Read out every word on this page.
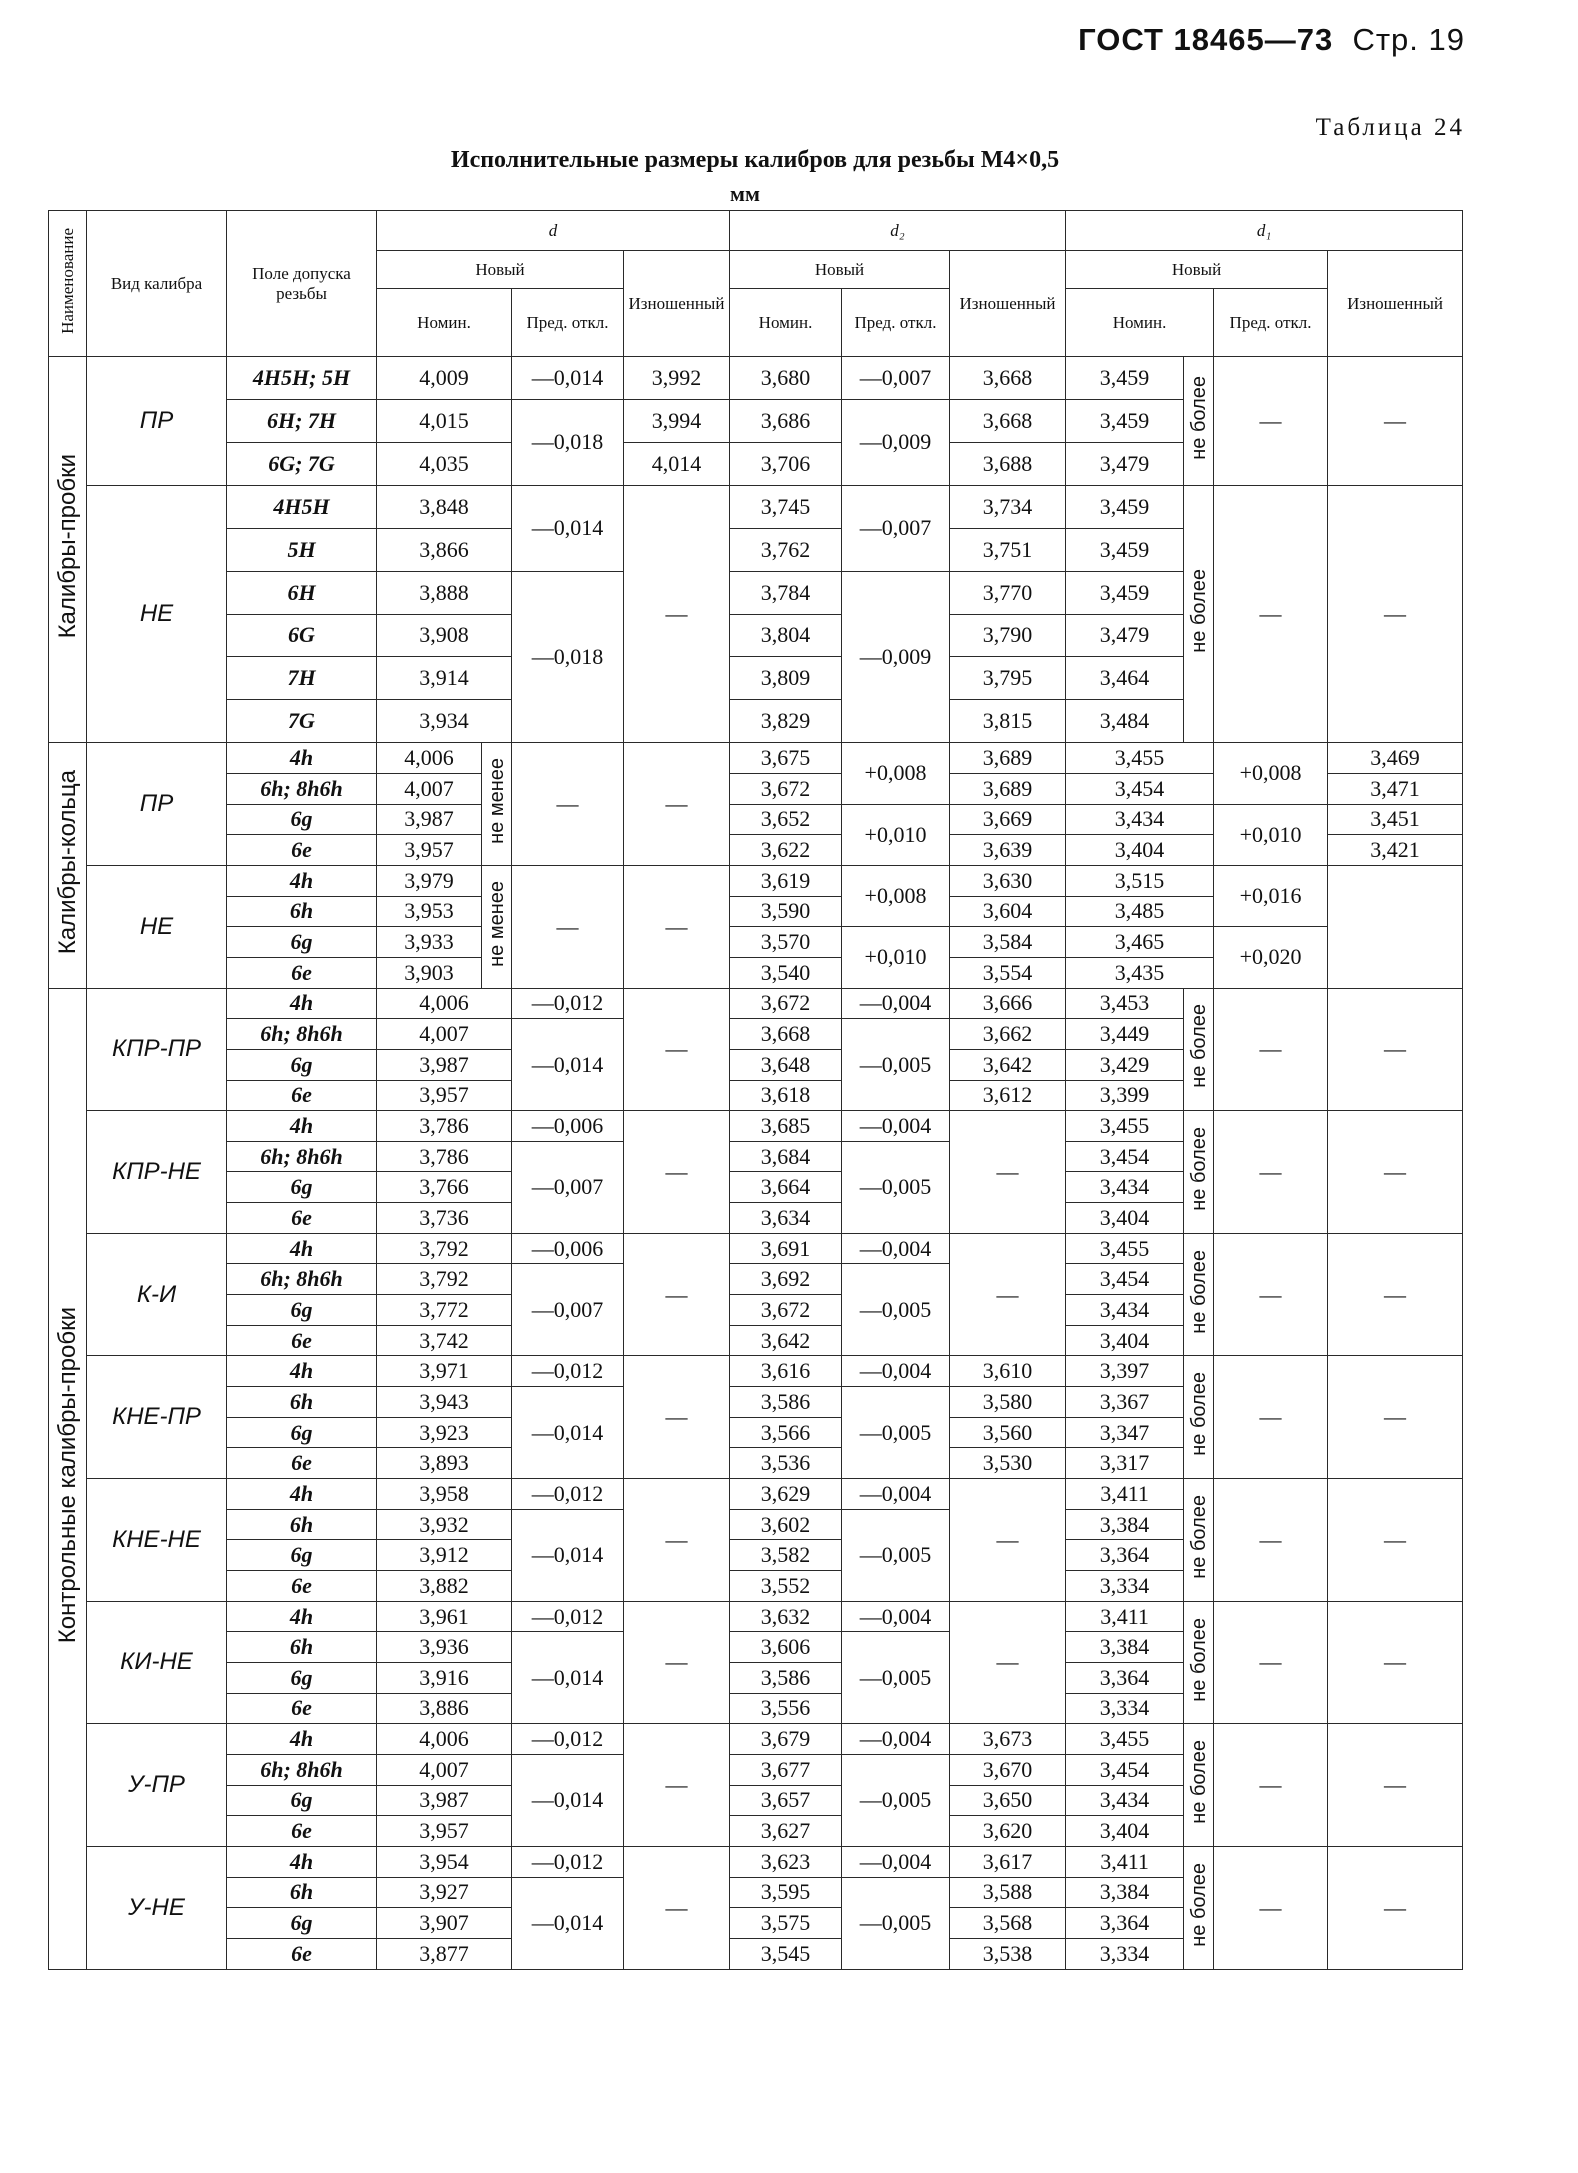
ГОСТ 18465—73 Стр. 19
Таблица 24
Исполнительные размеры калибров для резьбы М4×0,5
мм
Наименование	Вид калибра	Поле допуска резьбы	d				d₂			d₁			
			Новый			Изношенный	Новый		Изношенный	Новый			Изношенный
			Номин.		Пред. откл.		Номин.	Пред. откл.		Номин.		Пред. откл.	
Калибры-пробки	ПР	4H5H; 5H	4,009		—0,014	3,992	3,680	—0,007	3,668	3,459	не более	—	—
		6H; 7H	4,015		—0,018	3,994	3,686	—0,009	3,668	3,459			
		6G; 7G	4,035			4,014	3,706		3,688	3,479			
	НЕ	4H5H	3,848		—0,014	—	3,745	—0,007	3,734	3,459	не более	—	—
		5H	3,866				3,762		3,751	3,459			
		6H	3,888		—0,018		3,784	—0,009	3,770	3,459			
		6G	3,908				3,804		3,790	3,479			
		7H	3,914				3,809		3,795	3,464			
		7G	3,934				3,829		3,815	3,484			
Калибры-кольца	ПР	4h	4,006	не менее	—	—	3,675	+0,008	3,689	3,455		+0,008	3,469
		6h; 8h6h	4,007				3,672		3,689	3,454			3,471
		6g	3,987				3,652	+0,010	3,669	3,434		+0,010	3,451
		6e	3,957				3,622		3,639	3,404			3,421
	НЕ	4h	3,979	не менее	—	—	3,619	+0,008	3,630	3,515		+0,016	
		6h	3,953				3,590		3,604	3,485			
		6g	3,933				3,570	+0,010	3,584	3,465		+0,020	
		6e	3,903				3,540		3,554	3,435			
Контрольные калибры-пробки	КПР-ПР	4h	4,006		—0,012	—	3,672	—0,004	3,666	3,453	не более	—	—
		6h; 8h6h	4,007		—0,014		3,668	—0,005	3,662	3,449			
		6g	3,987				3,648		3,642	3,429			
		6e	3,957				3,618		3,612	3,399			
	КПР-НЕ	4h	3,786		—0,006	—	3,685	—0,004	—	3,455	не более	—	—
		6h; 8h6h	3,786		—0,007		3,684	—0,005		3,454			
		6g	3,766				3,664			3,434			
		6e	3,736				3,634			3,404			
	К-И	4h	3,792		—0,006	—	3,691	—0,004	—	3,455	не более	—	—
		6h; 8h6h	3,792		—0,007		3,692	—0,005		3,454			
		6g	3,772				3,672			3,434			
		6e	3,742				3,642			3,404			
	КНЕ-ПР	4h	3,971		—0,012	—	3,616	—0,004	3,610	3,397	не более	—	—
		6h	3,943		—0,014		3,586	—0,005	3,580	3,367			
		6g	3,923				3,566		3,560	3,347			
		6e	3,893				3,536		3,530	3,317			
	КНЕ-НЕ	4h	3,958		—0,012	—	3,629	—0,004	—	3,411	не более	—	—
		6h	3,932		—0,014		3,602	—0,005		3,384			
		6g	3,912				3,582			3,364			
		6e	3,882				3,552			3,334			
	КИ-НЕ	4h	3,961		—0,012	—	3,632	—0,004	—	3,411	не более	—	—
		6h	3,936		—0,014		3,606	—0,005		3,384			
		6g	3,916				3,586			3,364			
		6e	3,886				3,556			3,334			
	У-ПР	4h	4,006		—0,012	—	3,679	—0,004	3,673	3,455	не более	—	—
		6h; 8h6h	4,007		—0,014		3,677	—0,005	3,670	3,454			
		6g	3,987				3,657		3,650	3,434			
		6e	3,957				3,627		3,620	3,404			
	У-НЕ	4h	3,954		—0,012	—	3,623	—0,004	3,617	3,411	не более	—	—
		6h	3,927		—0,014		3,595	—0,005	3,588	3,384			
		6g	3,907				3,575		3,568	3,364			
		6e	3,877				3,545		3,538	3,334			
